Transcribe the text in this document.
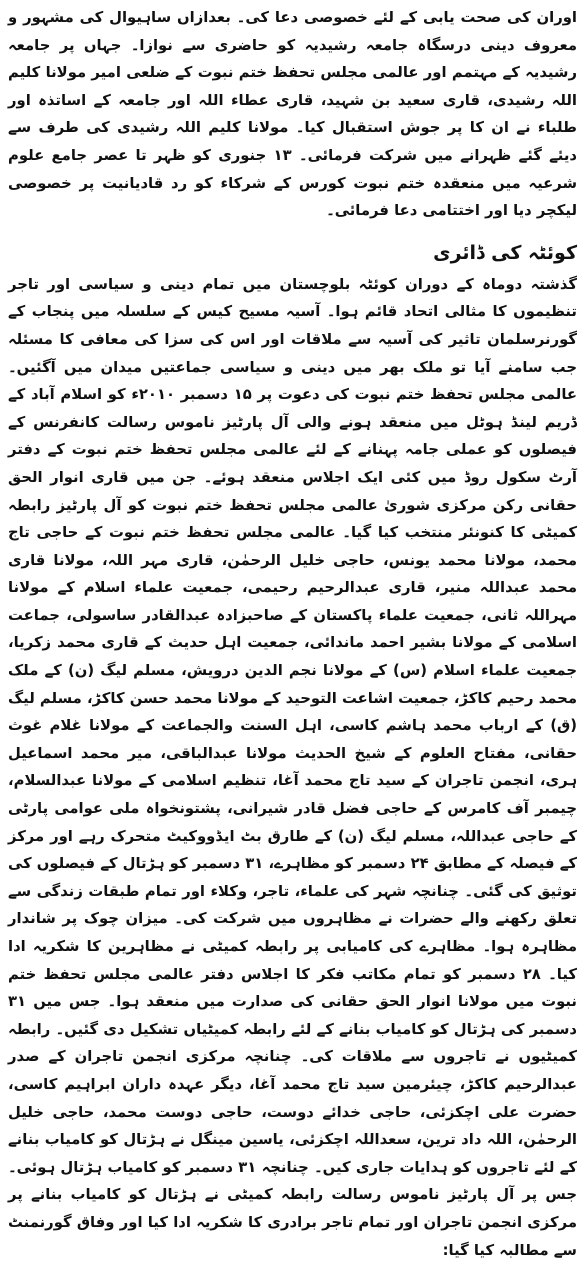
اوران کی صحت یابی کے لئے خصوصی دعا کی۔ بعدازاں ساہیوال کی مشہور و معروف دینی درسگاہ جامعہ رشیدیہ کو حاضری سے نوازا۔ جہاں پر جامعہ رشیدیہ کے مہتمم اور عالمی مجلس تحفظ ختم نبوت کے ضلعی امیر مولانا کلیم اللہ رشیدی، قاری سعید بن شہید، قاری عطاء اللہ اور جامعہ کے اساتذہ اور طلباء نے ان کا پر جوش استقبال کیا۔ مولانا کلیم اللہ رشیدی کی طرف سے دیئے گئے ظہرانے میں شرکت فرمائی۔ ۱۳ جنوری کو ظہر تا عصر جامع علوم شرعیہ میں منعقدہ ختم نبوت کورس کے شرکاء کو رد قادیانیت پر خصوصی لیکچر دیا اور اختتامی دعا فرمائی۔

کوئٹہ کی ڈائری

گذشتہ دوماہ کے دوران کوئٹہ بلوچستان میں تمام دینی و سیاسی اور تاجر تنظیموں کا مثالی اتحاد قائم ہوا۔ آسیہ مسیح کیس کے سلسلہ میں پنجاب کے گورنرسلمان تاثیر کی آسیہ سے ملاقات اور اس کی سزا کی معافی کا مسئلہ جب سامنے آیا تو ملک بھر میں دینی و سیاسی جماعتیں میدان میں آگئیں۔ عالمی مجلس تحفظ ختم نبوت کی دعوت پر ۱۵ دسمبر ۲۰۱۰ء کو اسلام آباد کے ڈریم لینڈ ہوٹل میں منعقد ہونے والی آل پارٹیز ناموس رسالت کانفرنس کے فیصلوں کو عملی جامہ پہنانے کے لئے عالمی مجلس تحفظ ختم نبوت کے دفتر آرٹ سکول روڈ میں کئی ایک اجلاس منعقد ہوئے۔ جن میں قاری انوار الحق حقانی رکن مرکزی شوریٰ عالمی مجلس تحفظ ختم نبوت کو آل پارٹیز رابطہ کمیٹی کا کنونئر منتخب کیا گیا۔ عالمی مجلس تحفظ ختم نبوت کے حاجی تاج محمد، مولانا محمد یونس، حاجی خلیل الرحمٰن، قاری مہر اللہ، مولانا قاری محمد عبداللہ منیر، قاری عبدالرحیم رحیمی، جمعیت علماء اسلام کے مولانا مہراللہ ثانی، جمعیت علماء پاکستان کے صاحبزادہ عبدالقادر ساسولی، جماعت اسلامی کے مولانا بشیر احمد ماندائی، جمعیت اہل حدیث کے قاری محمد زکریا، جمعیت علماء اسلام (س) کے مولانا نجم الدین درویش، مسلم لیگ (ن) کے ملک محمد رحیم کاکڑ، جمعیت اشاعت التوحید کے مولانا محمد حسن کاکڑ، مسلم لیگ (ق) کے ارباب محمد ہاشم کاسی، اہل السنت والجماعت کے مولانا غلام غوث حقانی، مفتاح العلوم کے شیخ الحدیث مولانا عبدالباقی، میر محمد اسماعیل ہری، انجمن تاجران کے سید تاج محمد آغا، تنظیم اسلامی کے مولانا عبدالسلام، چیمبر آف کامرس کے حاجی فضل قادر شیرانی، پشتونخواہ ملی عوامی پارٹی کے حاجی عبداللہ، مسلم لیگ (ن) کے طارق بٹ ایڈووکیٹ متحرک رہے اور مرکز کے فیصلہ کے مطابق ۲۴ دسمبر کو مظاہرے، ۳۱ دسمبر کو ہڑتال کے فیصلوں کی توثیق کی گئی۔ چنانچہ شہر کی علماء، تاجر، وکلاء اور تمام طبقات زندگی سے تعلق رکھنے والے حضرات نے مظاہروں میں شرکت کی۔ میزان چوک پر شاندار مظاہرہ ہوا۔ مظاہرے کی کامیابی پر رابطہ کمیٹی نے مظاہرین کا شکریہ ادا کیا۔ ۲۸ دسمبر کو تمام مکاتب فکر کا اجلاس دفتر عالمی مجلس تحفظ ختم نبوت میں مولانا انوار الحق حقانی کی صدارت میں منعقد ہوا۔ جس میں ۳۱ دسمبر کی ہڑتال کو کامیاب بنانے کے لئے رابطہ کمیٹیاں تشکیل دی گئیں۔ رابطہ کمیٹیوں نے تاجروں سے ملاقات کی۔ چنانچہ مرکزی انجمن تاجران کے صدر عبدالرحیم کاکڑ، چیئرمین سید تاج محمد آغا، دیگر عہدہ داران ابراہیم کاسی، حضرت علی اچکزئی، حاجی خدائے دوست، حاجی دوست محمد، حاجی خلیل الرحمٰن، اللہ داد ترین، سعداللہ اچکزئی، یاسین مینگل نے ہڑتال کو کامیاب بنانے کے لئے تاجروں کو ہدایات جاری کیں۔ چنانچہ ۳۱ دسمبر کو کامیاب ہڑتال ہوئی۔ جس پر آل پارٹیز ناموس رسالت رابطہ کمیٹی نے ہڑتال کو کامیاب بنانے پر مرکزی انجمن تاجران اور تمام تاجر برادری کا شکریہ ادا کیا اور وفاق گورنمنٹ سے مطالبہ کیا گیا:
